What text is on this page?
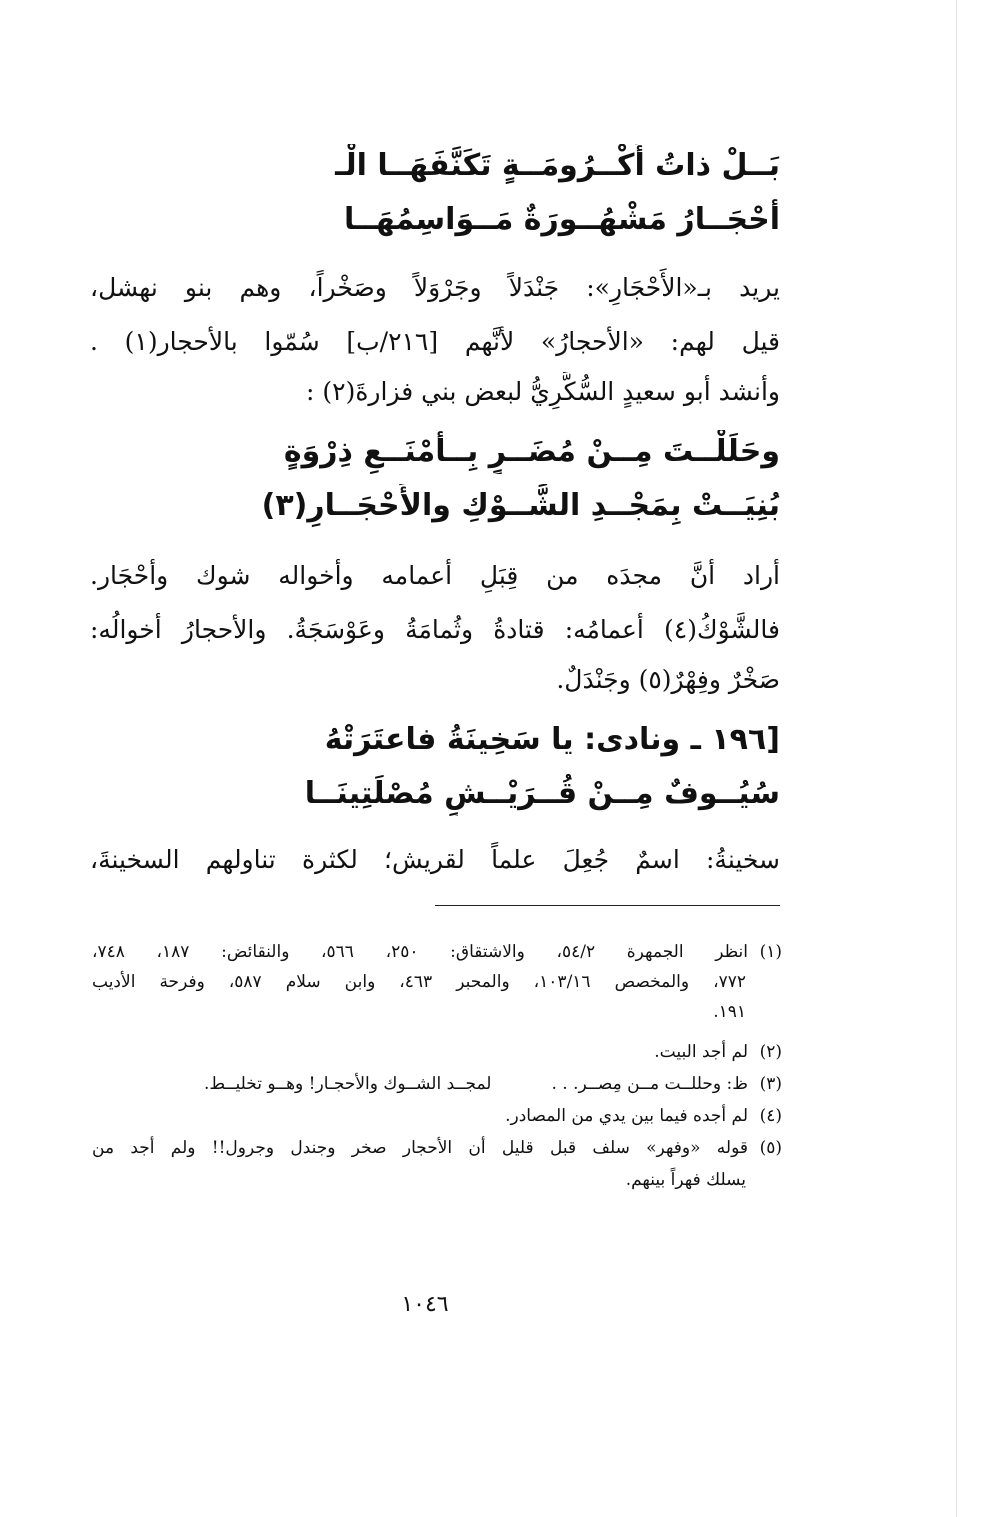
بَــلْ ذاتُ أُكْــرُومَــةٍ تَكَنَّفَهَــا الْـ
أَحْجَــارُ مَشْهُــورَةٌ مَــوَاسِمُهَــا
يريد بـ«الأَحْجَارِ»: جَنْدَلاً وجَرْوَلاً وصَخْراً، وهم بنو نهشل،
قيل لهم: «الأحجارُ» لأنَّهم [٢١٦/ب] سُمّوا بالأحجار(١) .
وأنشد أبو سعيدٍ السُّكَّرِيُّ لبعض بني فزارةَ(٢) :
وحَلَلْــتَ مِــنْ مُضَــرٍ بِــأَمْنَــعِ ذِرْوَةٍ
بُنِيَــتْ بِمَجْــدِ الشَّــوْكِ والأَحْجَــارِ(٣)
أراد أنَّ مجدَه من قِبَلِ أعمامه وأخواله شوك وأحْجَار.
فالشَّوْكُ(٤) أعمامُه: قتادةُ وثُمامَةُ وعَوْسَجَةُ. والأحجارُ أخوالُه:
صَخْرٌ وفِهْرٌ(٥) وجَنْدَلٌ.
[١٩٦ ـ ونادى: يا سَخِينَةُ فاعتَرَتْهُ
سُيُــوفٌ مِــنْ قُــرَيْــشٍ مُصْلَتِينَــا
سخينةُ: اسمٌ جُعِلَ علماً لقريش؛ لكثرة تناولهم السخينةَ،
(١)انظر الجمهرة ٥٤/٢، والاشتقاق: ٢٥٠، ٥٦٦، والنقائض: ١٨٧، ٧٤٨،
٧٧٢، والمخصص ١٠٣/١٦، والمحبر ٤٦٣، وابن سلام ٥٨٧، وفرحة الأديب
١٩١.
(٢)لم أجد البيت.
(٣)ظ: وحللــت مــن مِصــر. . .لمجــد الشــوك والأحجـار! وهــو تخليــط.
(٤)لم أجده فيما بين يدي من المصادر.
(٥)قوله «وفهر» سلف قبل قليل أن الأحجار صخر وجندل وجرول!! ولم أجد من
يسلك فهراً بينهم.
١٠٤٦
